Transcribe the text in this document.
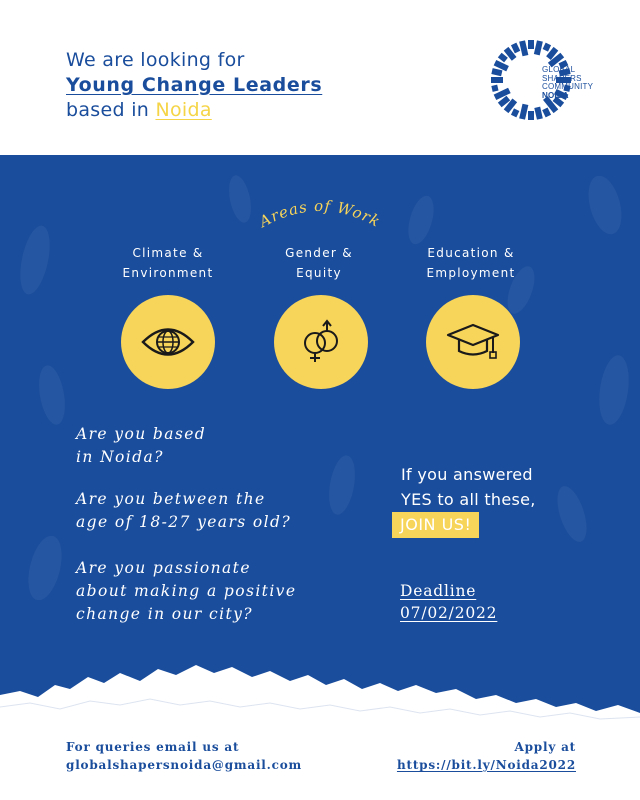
We are looking for
Young Change Leaders
based in Noida
GLOBAL
SHAPERS
COMMUNITY
NOIDA
Areas of Work
Climate &
Environment
Gender &
Equity
Education &
Employment
Are you based
in Noida?
Are you between the
age of 18-27 years old?
Are you passionate
about making a positive
change in our city?
If you answered
YES to all these,
JOIN US!
Deadline
07/02/2022
For queries email us at
globalshapersnoida@gmail.com
Apply at
https://bit.ly/Noida2022
